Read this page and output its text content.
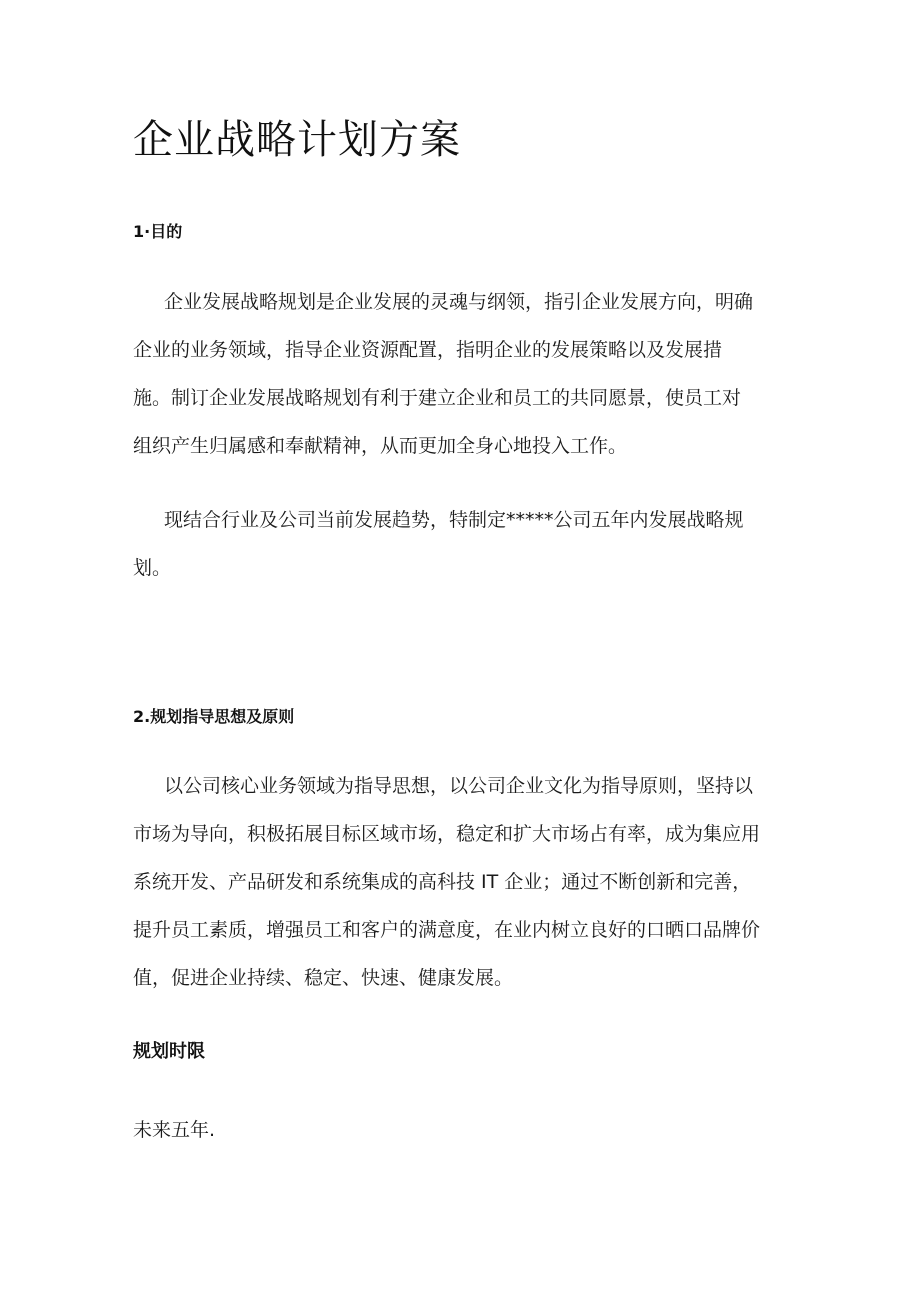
企业战略计划方案
1·目的
企业发展战略规划是企业发展的灵魂与纲领，指引企业发展方向，明确
企业的业务领域，指导企业资源配置，指明企业的发展策略以及发展措
施。制订企业发展战略规划有利于建立企业和员工的共同愿景，使员工对
组织产生归属感和奉献精神，从而更加全身心地投入工作。
现结合行业及公司当前发展趋势，特制定*****公司五年内发展战略规
划。
2.规划指导思想及原则
以公司核心业务领域为指导思想，以公司企业文化为指导原则，坚持以
市场为导向，积极拓展目标区域市场，稳定和扩大市场占有率，成为集应用
系统开发、产品研发和系统集成的高科技 IT 企业；通过不断创新和完善，
提升员工素质，增强员工和客户的满意度，在业内树立良好的口晒口品牌价
值，促进企业持续、稳定、快速、健康发展。
规划时限

未来五年.
